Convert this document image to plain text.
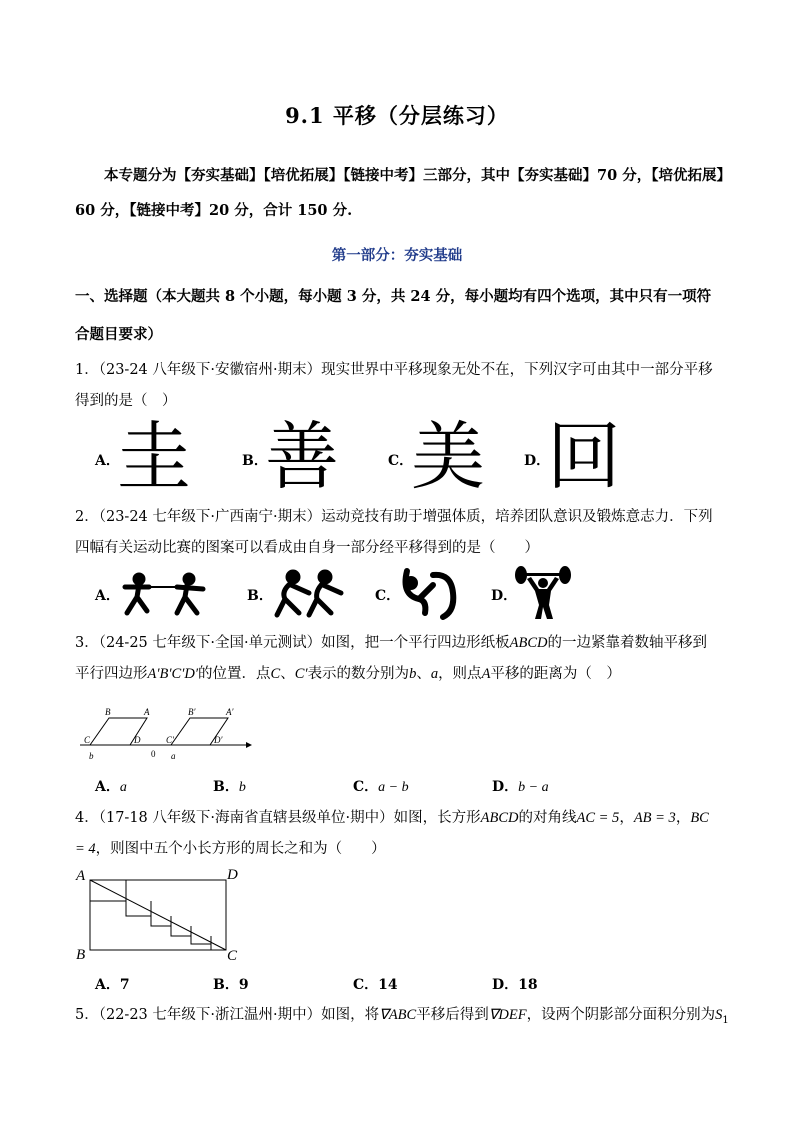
9.1 平移（分层练习）
本专题分为【夯实基础】【培优拓展】【链接中考】三部分，其中【夯实基础】70 分，【培优拓展】60 分，【链接中考】20 分，合计 150 分.
第一部分：夯实基础
一、选择题（本大题共 8 个小题，每小题 3 分，共 24 分，每小题均有四个选项，其中只有一项符合题目要求）
1．（23-24 八年级下·安徽宿州·期末）现实世界中平移现象无处不在，下列汉字可由其中一部分平移得到的是（　）
A．
圭	B．
善	C．
美	D．
回
2．（23-24 七年级下·广西南宁·期末）运动竞技有助于增强体质，培养团队意识及锻炼意志力．下列四幅有关运动比赛的图案可以看成由自身一部分经平移得到的是（　　）
A．	B．	C．	D．
3．（24-25 七年级下·全国·单元测试）如图，把一个平行四边形纸板ABCD的一边紧靠着数轴平移到平行四边形A′B′C′D′的位置．点C、C′表示的数分别为b、a，则点A平移的距离为（　）
B	A	B′	A′
C	D	C′	D′
b	0 a
A．a	B．b	C．a − b	D．b − a
4．（17-18 八年级下·海南省直辖县级单位·期中）如图，长方形ABCD的对角线AC = 5，AB = 3，BC = 4，则图中五个小长方形的周长之和为（　　）
A	D
B	C
A．7	B．9	C．14	D．18
5．（22-23 七年级下·浙江温州·期中）如图，将∇ABC平移后得到∇DEF，设两个阴影部分面积分别为$S_1$
